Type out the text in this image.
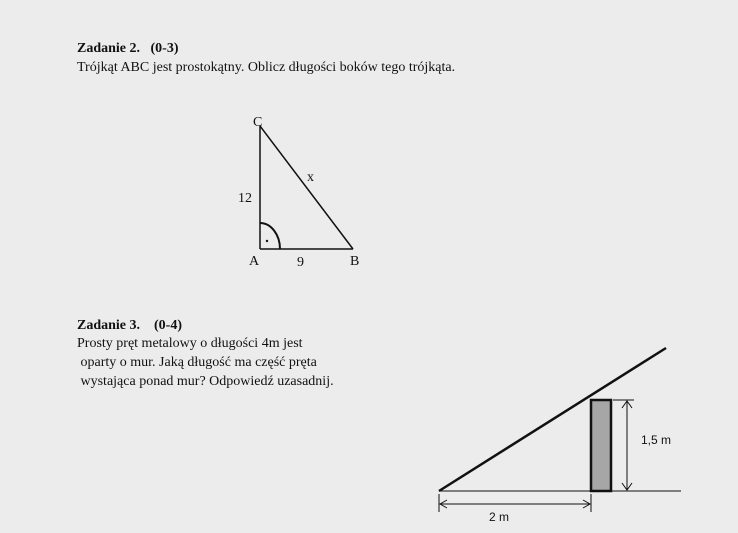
Zadanie 2. (0-3)
Trójkąt ABC jest prostokątny. Oblicz długości boków tego trójkąta.
Zadanie 3. (0-4)
Prosty pręt metalowy o długości 4m jest
oparty o mur. Jaką długość ma część pręta
wystająca ponad mur? Odpowiedź uzasadnij.
C
A	B
12
9
x
1,5 m
2 m
